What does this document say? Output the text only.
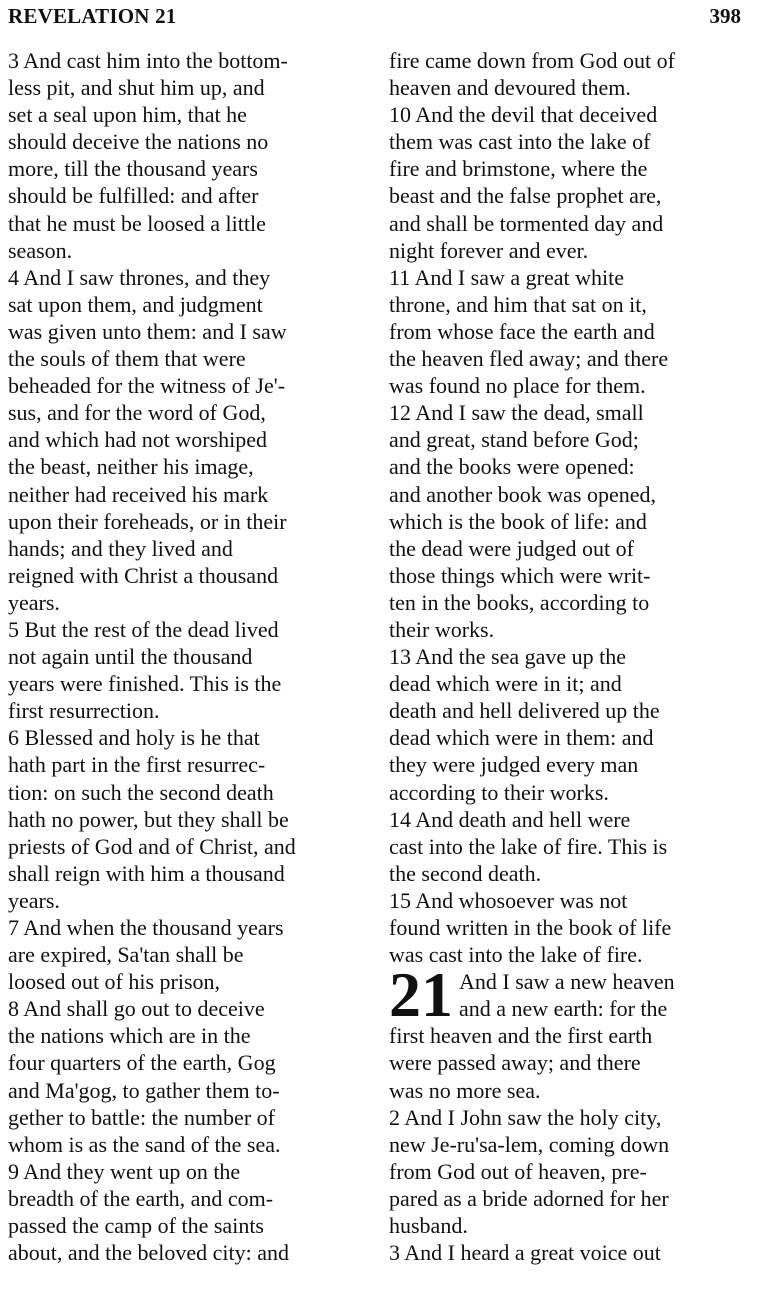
REVELATION 21	398
3 And cast him into the bottom-
less pit, and shut him up, and
set a seal upon him, that he
should deceive the nations no
more, till the thousand years
should be fulfilled: and after
that he must be loosed a little
season.
4 And I saw thrones, and they
sat upon them, and judgment
was given unto them: and I saw
the souls of them that were
beheaded for the witness of Je'-
sus, and for the word of God,
and which had not worshiped
the beast, neither his image,
neither had received his mark
upon their foreheads, or in their
hands; and they lived and
reigned with Christ a thousand
years.
5 But the rest of the dead lived
not again until the thousand
years were finished. This is the
first resurrection.
6 Blessed and holy is he that
hath part in the first resurrec-
tion: on such the second death
hath no power, but they shall be
priests of God and of Christ, and
shall reign with him a thousand
years.
7 And when the thousand years
are expired, Sa'tan shall be
loosed out of his prison,
8 And shall go out to deceive
the nations which are in the
four quarters of the earth, Gog
and Ma'gog, to gather them to-
gether to battle: the number of
whom is as the sand of the sea.
9 And they went up on the
breadth of the earth, and com-
passed the camp of the saints
about, and the beloved city: and
fire came down from God out of
heaven and devoured them.
10 And the devil that deceived
them was cast into the lake of
fire and brimstone, where the
beast and the false prophet are,
and shall be tormented day and
night forever and ever.
11 And I saw a great white
throne, and him that sat on it,
from whose face the earth and
the heaven fled away; and there
was found no place for them.
12 And I saw the dead, small
and great, stand before God;
and the books were opened:
and another book was opened,
which is the book of life: and
the dead were judged out of
those things which were writ-
ten in the books, according to
their works.
13 And the sea gave up the
dead which were in it; and
death and hell delivered up the
dead which were in them: and
they were judged every man
according to their works.
14 And death and hell were
cast into the lake of fire. This is
the second death.
15 And whosoever was not
found written in the book of life
was cast into the lake of fire.
21 And I saw a new heaven
and a new earth: for the
first heaven and the first earth
were passed away; and there
was no more sea.
2 And I John saw the holy city,
new Je-ru'sa-lem, coming down
from God out of heaven, pre-
pared as a bride adorned for her
husband.
3 And I heard a great voice out
